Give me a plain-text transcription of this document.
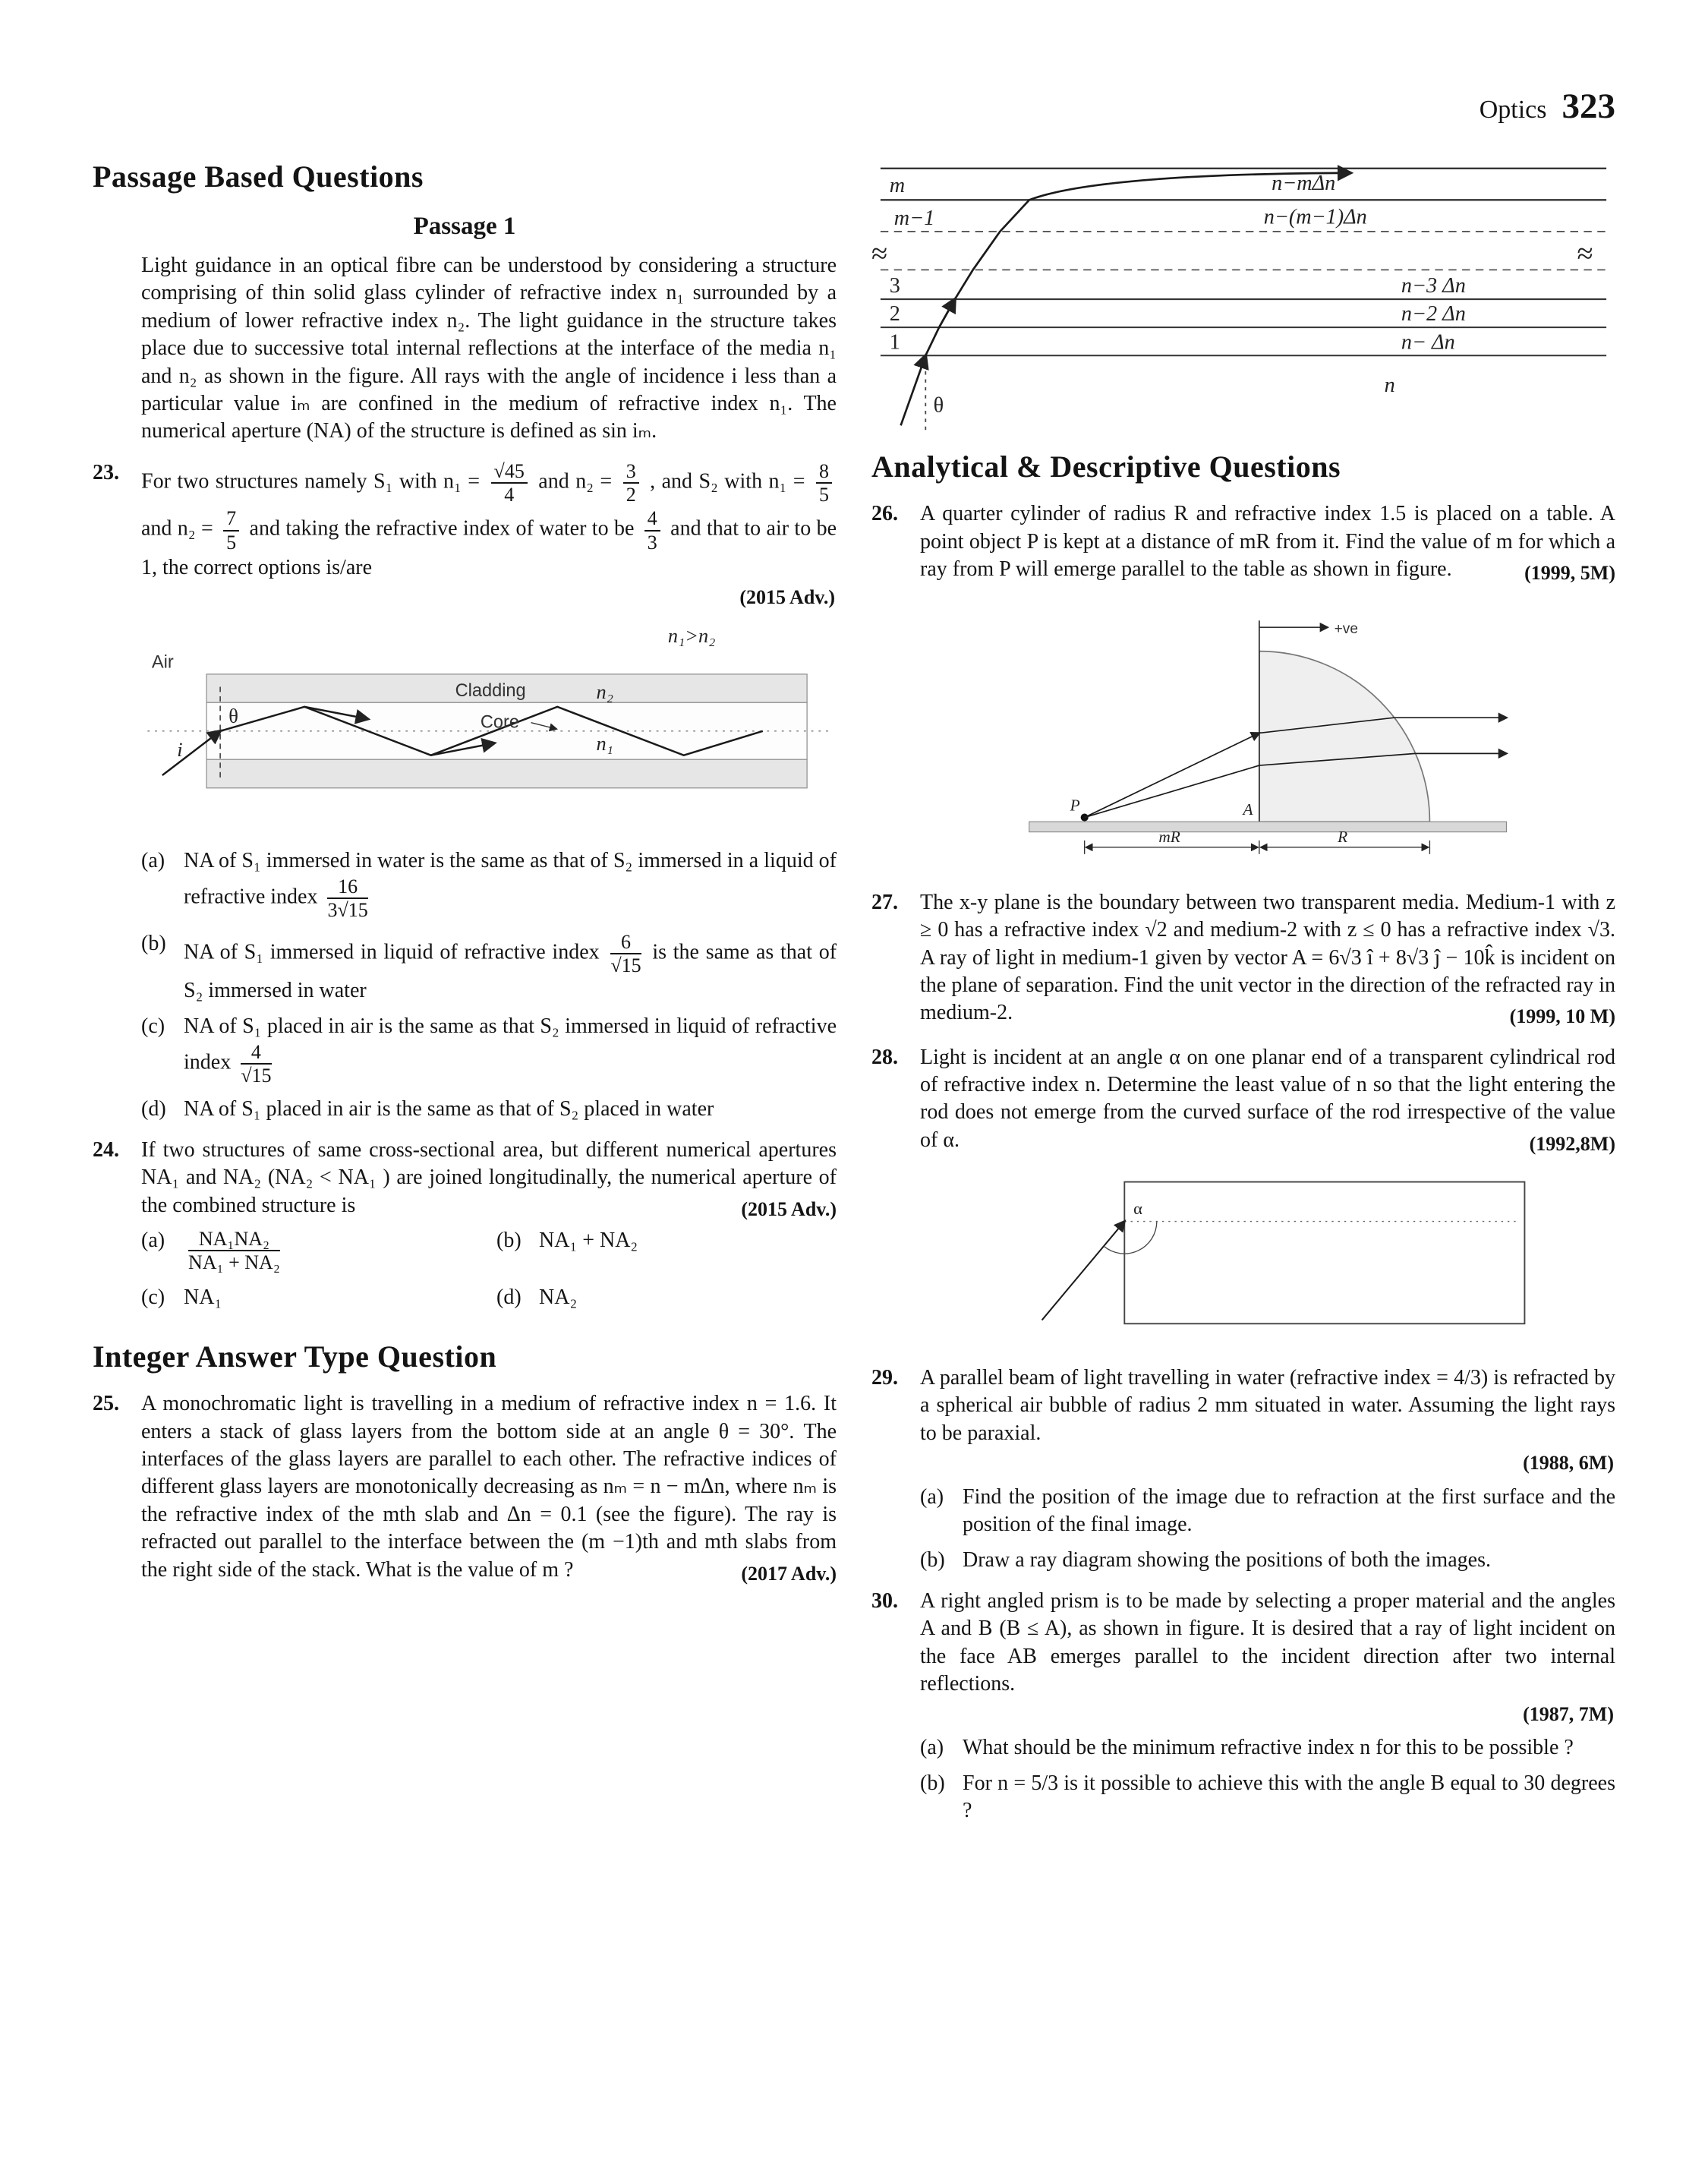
Optics 323
Passage Based Questions
Passage 1

Light guidance in an optical fibre can be understood by considering a structure comprising of thin solid glass cylinder of refractive index n₁ surrounded by a medium of lower refractive index n₂. The light guidance in the structure takes place due to successive total internal reflections at the interface of the media n₁ and n₂ as shown in the figure. All rays with the angle of incidence i less than a particular value iₘ are confined in the medium of refractive index n₁. The numerical aperture (NA) of the structure is defined as sin iₘ.

23.	For two structures namely S₁ with $n_1 = \frac{√45}{4}$ and $n_2 = \frac{3}{2}$ , and S₂ with $n_1 = \frac{8}{5}$
and $n_2 = \frac{7}{5}$ and taking the refractive index of water to be $\frac{4}{3}$ and that to air to be 1, the correct options is/are

(2015 Adv.)
n₁>n₂
Air
θ
i
Cladding	n₂
Core
n₁
(a) NA of S₁ immersed in water is the same as that of S₂ immersed in a liquid of refractive index $\frac{16}{3√15}$
(b) NA of S₁ immersed in liquid of refractive index $\frac{6}{√15}$ is the same as that of S₂ immersed in water
(c) NA of S₁ placed in air is the same as that S₂ immersed in liquid of refractive index $\frac{4}{√15}$
(d) NA of S₁ placed in air is the same as that of S₂ placed in water
24.	If two structures of same cross-sectional area, but different numerical apertures NA₁ and NA₂ (NA₂ < NA₁ ) are joined longitudinally, the numerical aperture of the combined structure is	(2015 Adv.)

(a)	$\frac{\text{NA₁NA₂}}{\text{NA₁ + NA₂}}$	(b) NA₁ + NA₂
(c) NA₁	(d) NA₂
Integer Answer Type Question
25.	A monochromatic light is travelling in a medium of refractive index n = 1.6. It enters a stack of glass layers from the bottom side at an angle θ = 30°. The interfaces of the glass layers are parallel to each other. The refractive indices of different glass layers are monotonically decreasing as nₘ = n − mΔn, where nₘ is the refractive index of the mth slab and Δn = 0.1 (see the figure). The ray is refracted out parallel to the interface between the (m −1)th and mth slabs from the right side of the stack. What is the value of m ?	(2017 Adv.)

m	n−mΔn
m−1	n−(m−1)Δn
≈	≈
3	n−3 Δn
2	n−2 Δn
1	n− Δn
n
θ
Analytical & Descriptive Questions
26.	A quarter cylinder of radius R and refractive index 1.5 is placed on a table. A point object P is kept at a distance of mR from it. Find the value of m for which a ray from P will emerge parallel to the table as shown in figure.	(1999, 5M)

+ve
P	A
mR	R
27.	The x-y plane is the boundary between two transparent media. Medium-1 with z ≥ 0 has a refractive index √2 and medium-2 with z ≤ 0 has a refractive index √3. A ray of light in medium-1 given by vector A = 6√3 î + 8√3 ĵ − 10k̂ is incident on the plane of separation. Find the unit vector in the direction of the refracted ray in medium-2.	(1999, 10 M)

28.	Light is incident at an angle α on one planar end of a transparent cylindrical rod of refractive index n. Determine the least value of n so that the light entering the rod does not emerge from the curved surface of the rod irrespective of the value of α.	(1992,8M)

α
29.	A parallel beam of light travelling in water (refractive index = 4/3) is refracted by a spherical air bubble of radius 2 mm situated in water. Assuming the light rays to be paraxial.

(1988, 6M)
(a) Find the position of the image due to refraction at the first surface and the position of the final image.
(b) Draw a ray diagram showing the positions of both the images.
30.	A right angled prism is to be made by selecting a proper material and the angles A and B (B ≤ A), as shown in figure. It is desired that a ray of light incident on the face AB emerges parallel to the incident direction after two internal reflections.

(1987, 7M)
(a) What should be the minimum refractive index n for this to be possible ?
(b) For n = 5/3 is it possible to achieve this with the angle B equal to 30 degrees ?
